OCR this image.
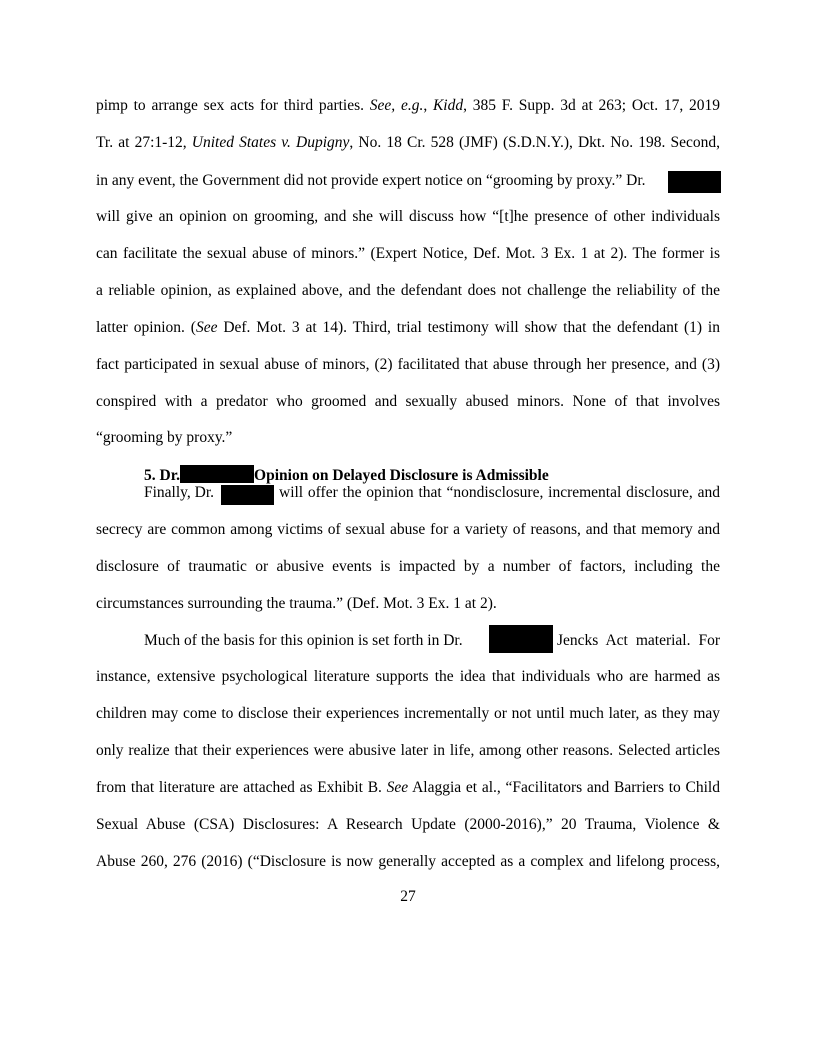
pimp to arrange sex acts for third parties. See, e.g., Kidd, 385 F. Supp. 3d at 263; Oct. 17, 2019
Tr. at 27:1-12, United States v. Dupigny, No. 18 Cr. 528 (JMF) (S.D.N.Y.), Dkt. No. 198. Second,
in any event, the Government did not provide expert notice on “grooming by proxy.” Dr.
will give an opinion on grooming, and she will discuss how “[t]he presence of other individuals
can facilitate the sexual abuse of minors.” (Expert Notice, Def. Mot. 3 Ex. 1 at 2). The former is
a reliable opinion, as explained above, and the defendant does not challenge the reliability of the
latter opinion. (See Def. Mot. 3 at 14). Third, trial testimony will show that the defendant (1) in
fact participated in sexual abuse of minors, (2) facilitated that abuse through her presence, and (3)
conspired with a predator who groomed and sexually abused minors. None of that involves
“grooming by proxy.”
5. Dr.	Opinion on Delayed Disclosure is Admissible
Finally, Dr.	will offer the opinion that “nondisclosure, incremental disclosure, and
secrecy are common among victims of sexual abuse for a variety of reasons, and that memory and
disclosure of traumatic or abusive events is impacted by a number of factors, including the
circumstances surrounding the trauma.” (Def. Mot. 3 Ex. 1 at 2).
Much of the basis for this opinion is set forth in Dr.	Jencks Act material. For
instance, extensive psychological literature supports the idea that individuals who are harmed as
children may come to disclose their experiences incrementally or not until much later, as they may
only realize that their experiences were abusive later in life, among other reasons. Selected articles
from that literature are attached as Exhibit B. See Alaggia et al., “Facilitators and Barriers to Child
Sexual Abuse (CSA) Disclosures: A Research Update (2000-2016),” 20 Trauma, Violence &
Abuse 260, 276 (2016) (“Disclosure is now generally accepted as a complex and lifelong process,
27
